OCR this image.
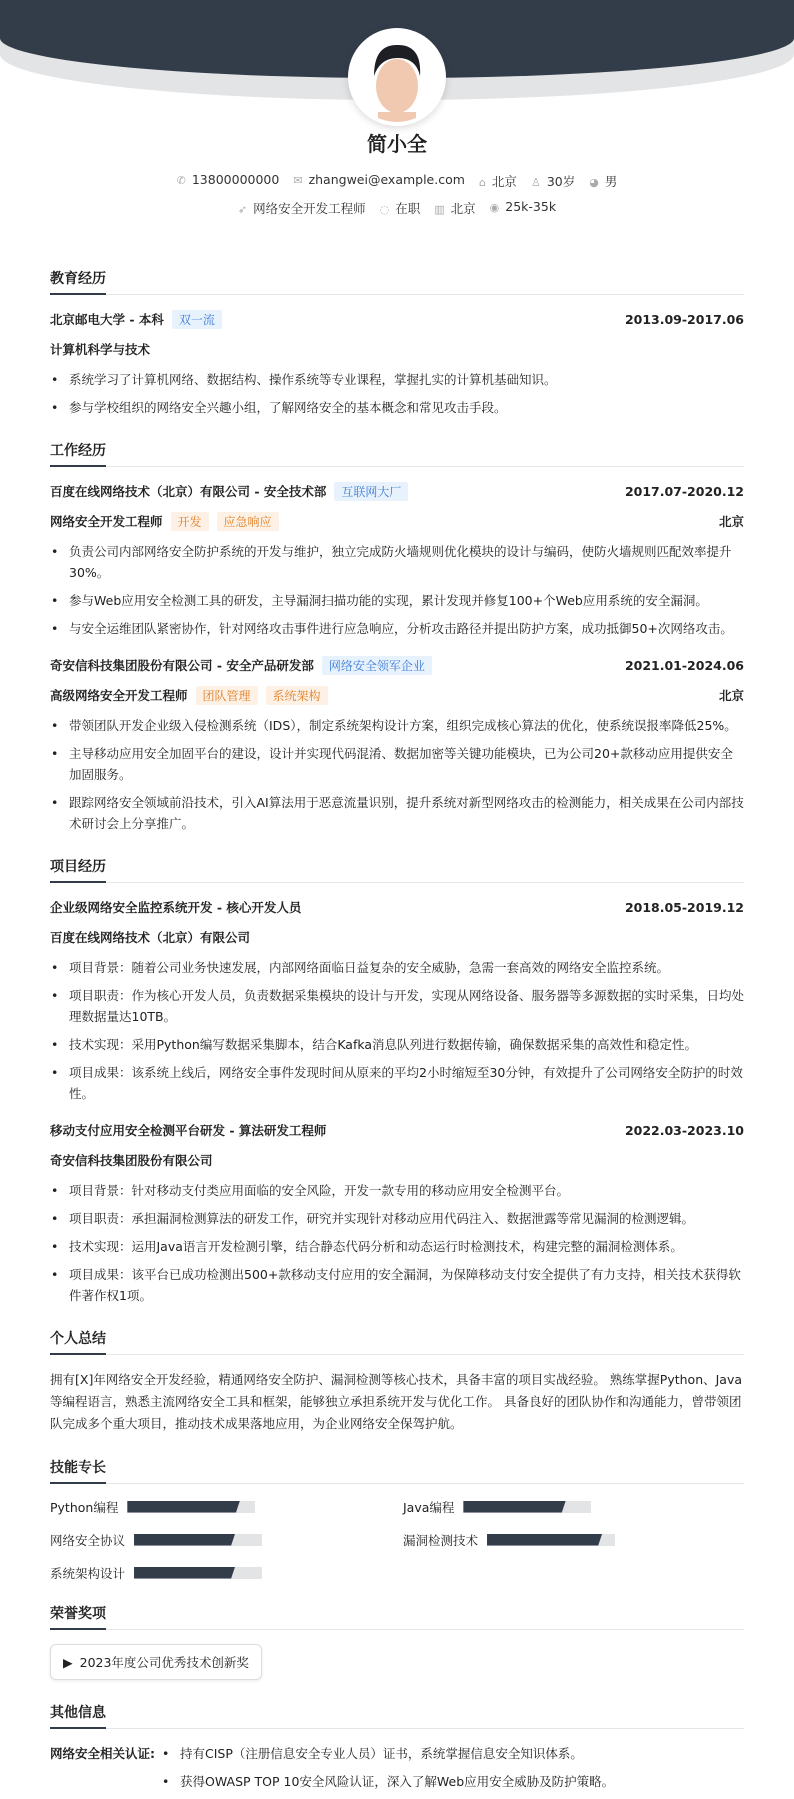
简小全
✆ 13800000000 ✉ zhangwei@example.com ⌂ 北京 ♙ 30岁 ◕ 男
➶ 网络安全开发工程师 ◌ 在职 ▥ 北京 ◉ 25k-35k
教育经历
北京邮电大学 - 本科	双一流	2013.09-2017.06
计算机科学与技术
• 系统学习了计算机网络、数据结构、操作系统等专业课程，掌握扎实的计算机基础知识。
• 参与学校组织的网络安全兴趣小组，了解网络安全的基本概念和常见攻击手段。
工作经历
百度在线网络技术（北京）有限公司 - 安全技术部	互联网大厂	2017.07-2020.12
网络安全开发工程师	开发	应急响应	北京
• 负责公司内部网络安全防护系统的开发与维护，独立完成防火墙规则优化模块的设计与编码，使防火墙规则匹配效率提升30%。
• 参与Web应用安全检测工具的研发，主导漏洞扫描功能的实现，累计发现并修复100+个Web应用系统的安全漏洞。
• 与安全运维团队紧密协作，针对网络攻击事件进行应急响应，分析攻击路径并提出防护方案，成功抵御50+次网络攻击。
奇安信科技集团股份有限公司 - 安全产品研发部	网络安全领军企业	2021.01-2024.06
高级网络安全开发工程师	团队管理	系统架构	北京
• 带领团队开发企业级入侵检测系统（IDS），制定系统架构设计方案，组织完成核心算法的优化，使系统误报率降低25%。
• 主导移动应用安全加固平台的建设，设计并实现代码混淆、数据加密等关键功能模块，已为公司20+款移动应用提供安全加固服务。
• 跟踪网络安全领域前沿技术，引入AI算法用于恶意流量识别，提升系统对新型网络攻击的检测能力，相关成果在公司内部技术研讨会上分享推广。
项目经历
企业级网络安全监控系统开发 - 核心开发人员	2018.05-2019.12
百度在线网络技术（北京）有限公司
• 项目背景：随着公司业务快速发展，内部网络面临日益复杂的安全威胁，急需一套高效的网络安全监控系统。
• 项目职责：作为核心开发人员，负责数据采集模块的设计与开发，实现从网络设备、服务器等多源数据的实时采集，日均处理数据量达10TB。
• 技术实现：采用Python编写数据采集脚本，结合Kafka消息队列进行数据传输，确保数据采集的高效性和稳定性。
• 项目成果：该系统上线后，网络安全事件发现时间从原来的平均2小时缩短至30分钟，有效提升了公司网络安全防护的时效性。
移动支付应用安全检测平台研发 - 算法研发工程师	2022.03-2023.10
奇安信科技集团股份有限公司
• 项目背景：针对移动支付类应用面临的安全风险，开发一款专用的移动应用安全检测平台。
• 项目职责：承担漏洞检测算法的研发工作，研究并实现针对移动应用代码注入、数据泄露等常见漏洞的检测逻辑。
• 技术实现：运用Java语言开发检测引擎，结合静态代码分析和动态运行时检测技术，构建完整的漏洞检测体系。
• 项目成果：该平台已成功检测出500+款移动支付应用的安全漏洞，为保障移动支付安全提供了有力支持，相关技术获得软件著作权1项。
个人总结

拥有[X]年网络安全开发经验，精通网络安全防护、漏洞检测等核心技术，具备丰富的项目实战经验。 熟练掌握Python、Java等编程语言，熟悉主流网络安全工具和框架，能够独立承担系统开发与优化工作。 具备良好的团队协作和沟通能力，曾带领团队完成多个重大项目，推动技术成果落地应用，为企业网络安全保驾护航。

技能专长
Python编程	Java编程
网络安全协议	漏洞检测技术
系统架构设计
荣誉奖项
▶ 2023年度公司优秀技术创新奖
其他信息
网络安全相关认证:	• 持有CISP（注册信息安全专业人员）证书，系统掌握信息安全知识体系。
• 获得OWASP TOP 10安全风险认证，深入了解Web应用安全威胁及防护策略。
